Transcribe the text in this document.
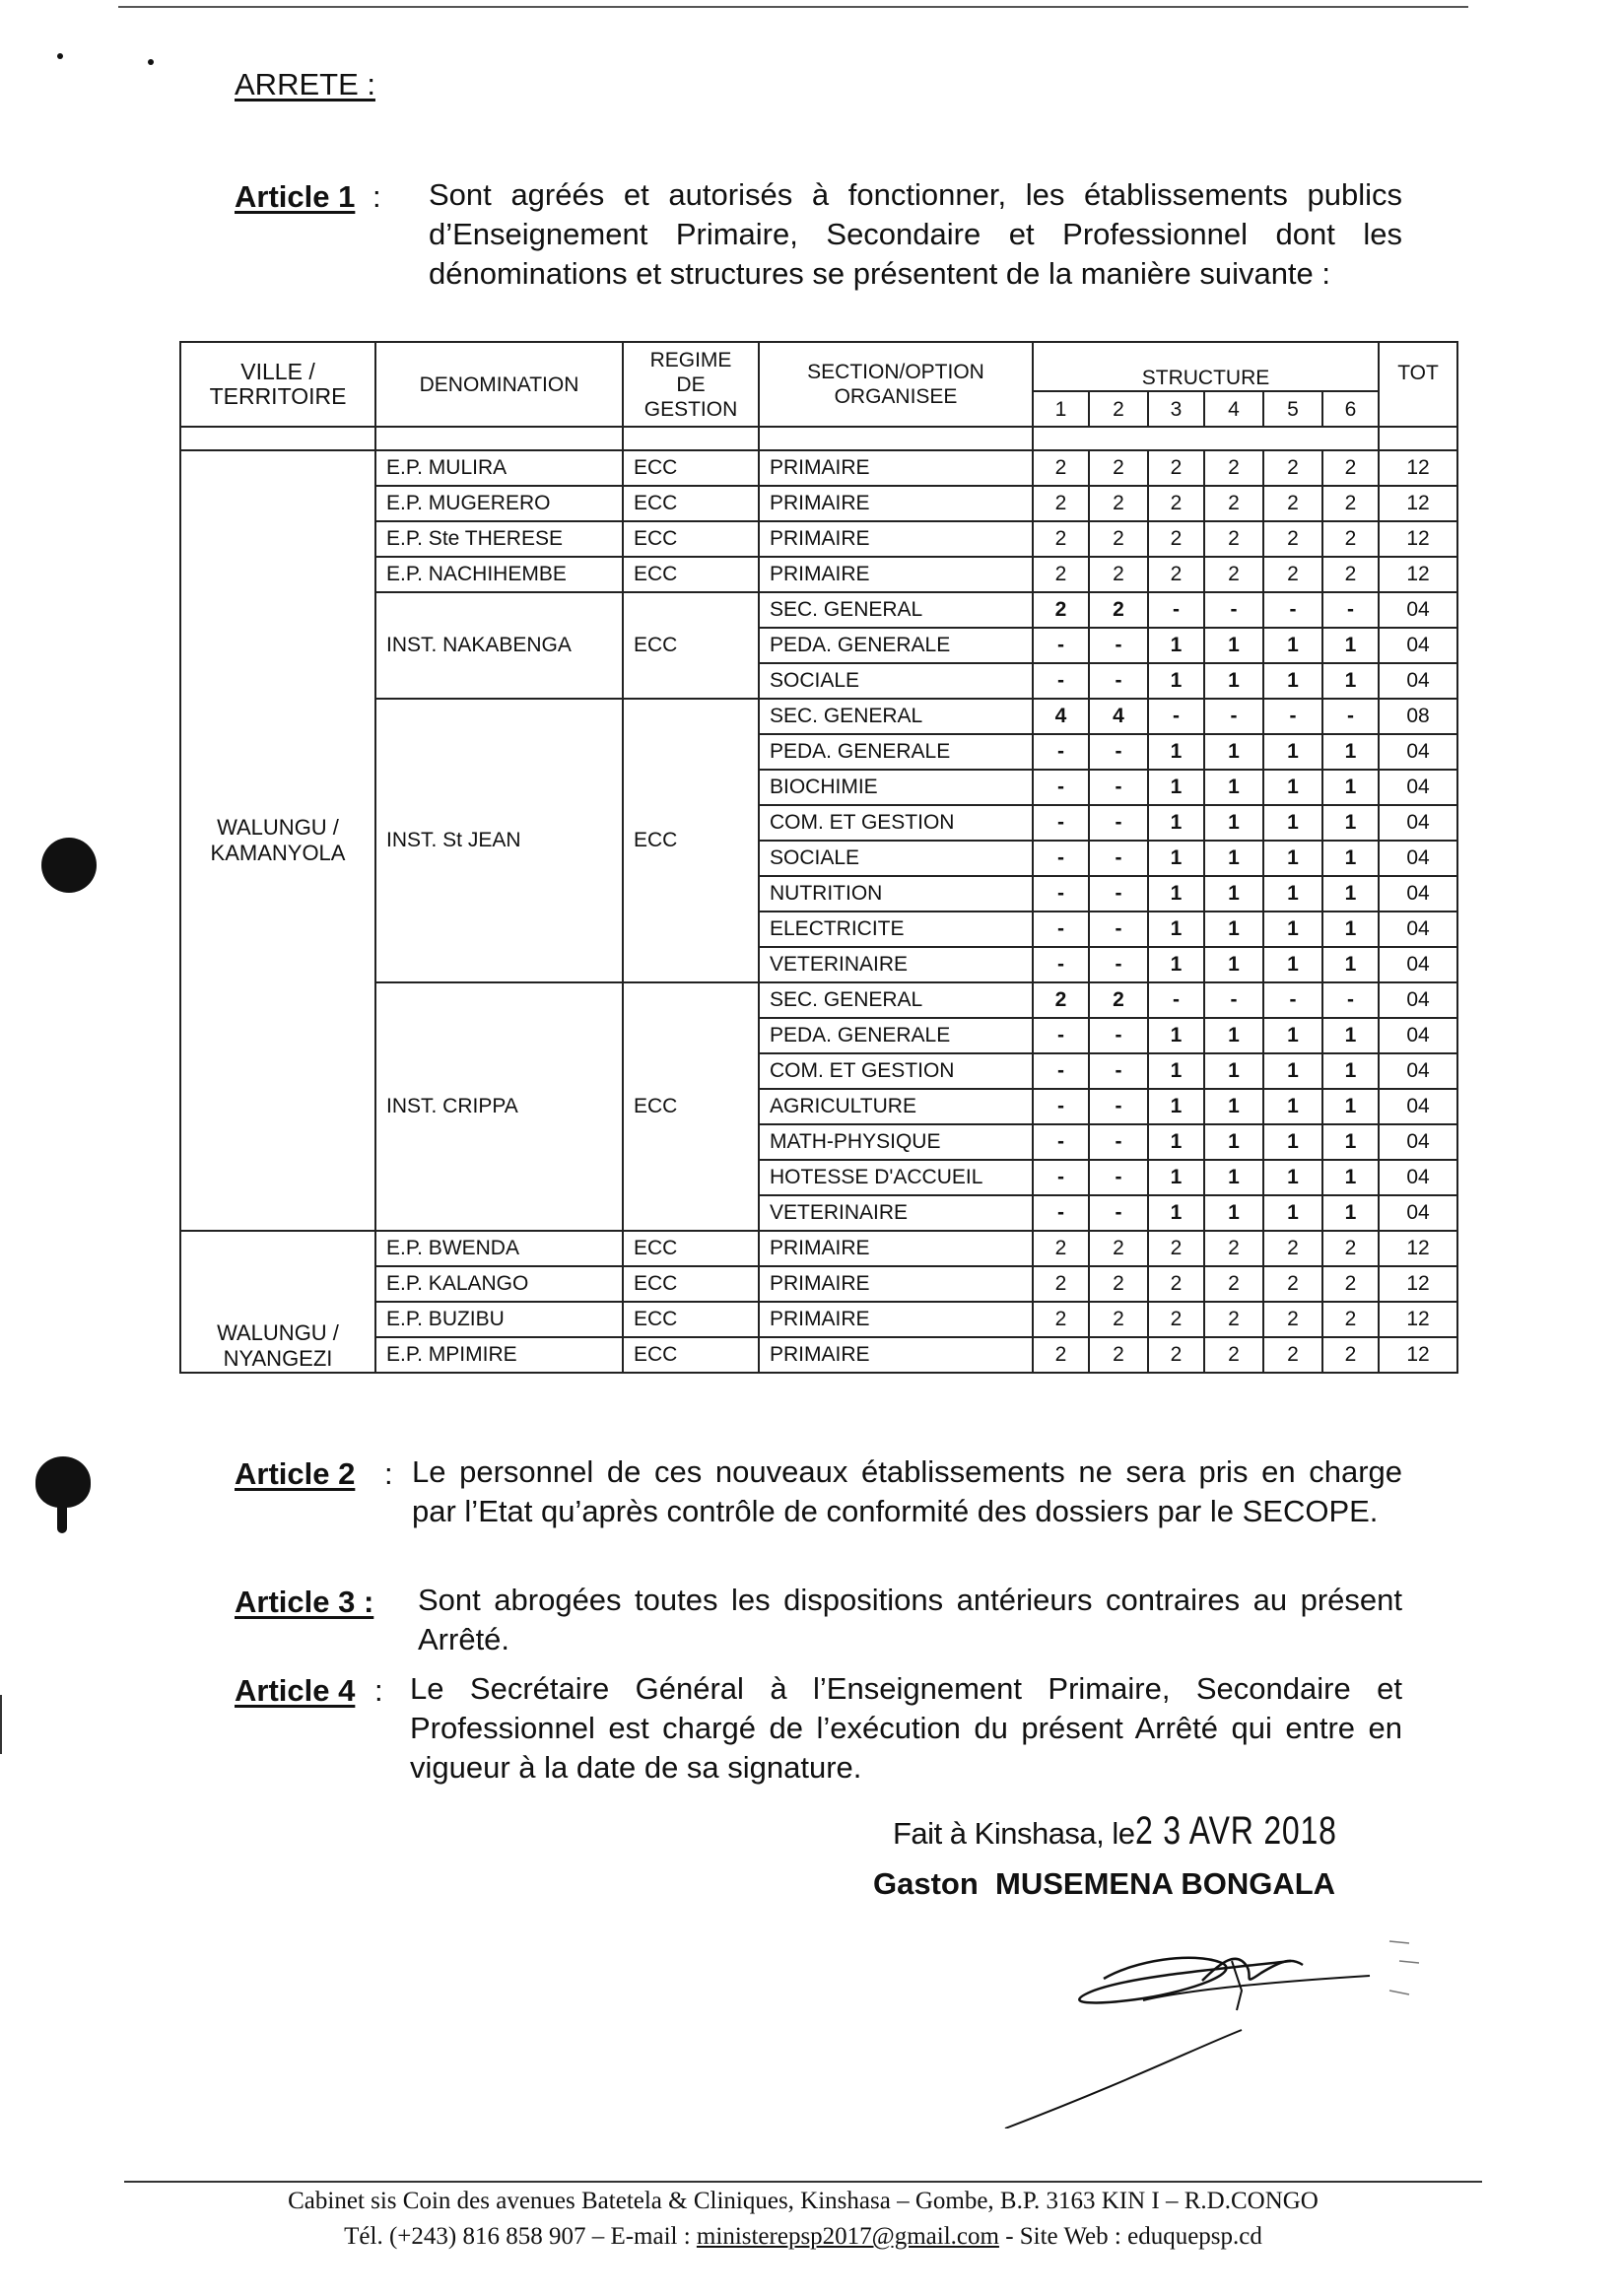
ARRETE :
Article 1 : Sont agréés et autorisés à fonctionner, les établissements publics d’Enseignement Primaire, Secondaire et Professionnel dont les dénominations et structures se présentent de la manière suivante :
VILLE / TERRITOIRE	DENOMINATION	REGIME DE GESTION	SECTION/OPTION ORGANISEE	STRUCTURE						TOT
				1	2	3	4	5	6	

WALUNGU / KAMANYOLA	E.P. MULIRA	ECC	PRIMAIRE	2	2	2	2	2	2	12
	E.P. MUGERERO	ECC	PRIMAIRE	2	2	2	2	2	2	12
	E.P. Ste THERESE	ECC	PRIMAIRE	2	2	2	2	2	2	12
	E.P. NACHIHEMBE	ECC	PRIMAIRE	2	2	2	2	2	2	12
	INST. NAKABENGA	ECC	SEC. GENERAL	2	2	-	-	-	-	04
			PEDA. GENERALE	-	-	1	1	1	1	04
			SOCIALE	-	-	1	1	1	1	04
	INST. St JEAN	ECC	SEC. GENERAL	4	4	-	-	-	-	08
			PEDA. GENERALE	-	-	1	1	1	1	04
			BIOCHIMIE	-	-	1	1	1	1	04
			COM. ET GESTION	-	-	1	1	1	1	04
			SOCIALE	-	-	1	1	1	1	04
			NUTRITION	-	-	1	1	1	1	04
			ELECTRICITE	-	-	1	1	1	1	04
			VETERINAIRE	-	-	1	1	1	1	04
	INST. CRIPPA	ECC	SEC. GENERAL	2	2	-	-	-	-	04
			PEDA. GENERALE	-	-	1	1	1	1	04
			COM. ET GESTION	-	-	1	1	1	1	04
			AGRICULTURE	-	-	1	1	1	1	04
			MATH-PHYSIQUE	-	-	1	1	1	1	04
			HOTESSE D'ACCUEIL	-	-	1	1	1	1	04
			VETERINAIRE	-	-	1	1	1	1	04
WALUNGU / NYANGEZI	E.P. BWENDA	ECC	PRIMAIRE	2	2	2	2	2	2	12
	E.P. KALANGO	ECC	PRIMAIRE	2	2	2	2	2	2	12
	E.P. BUZIBU	ECC	PRIMAIRE	2	2	2	2	2	2	12
	E.P. MPIMIRE	ECC	PRIMAIRE	2	2	2	2	2	2	12
Article 2 : Le personnel de ces nouveaux établissements ne sera pris en charge par l’Etat qu’après contrôle de conformité des dossiers par le SECOPE.
Article 3 : Sont abrogées toutes les dispositions antérieurs contraires au présent Arrêté.
Article 4 : Le Secrétaire Général à l’Enseignement Primaire, Secondaire et Professionnel est chargé de l’exécution du présent Arrêté qui entre en vigueur à la date de sa signature.
Fait à Kinshasa, le2 3 AVR 2018
Gaston  MUSEMENA BONGALA
Cabinet sis Coin des avenues Batetela & Cliniques, Kinshasa – Gombe, B.P. 3163 KIN I – R.D.CONGO
Tél. (+243) 816 858 907 – E-mail : ministerepsp2017@gmail.com - Site Web : eduquepsp.cd
